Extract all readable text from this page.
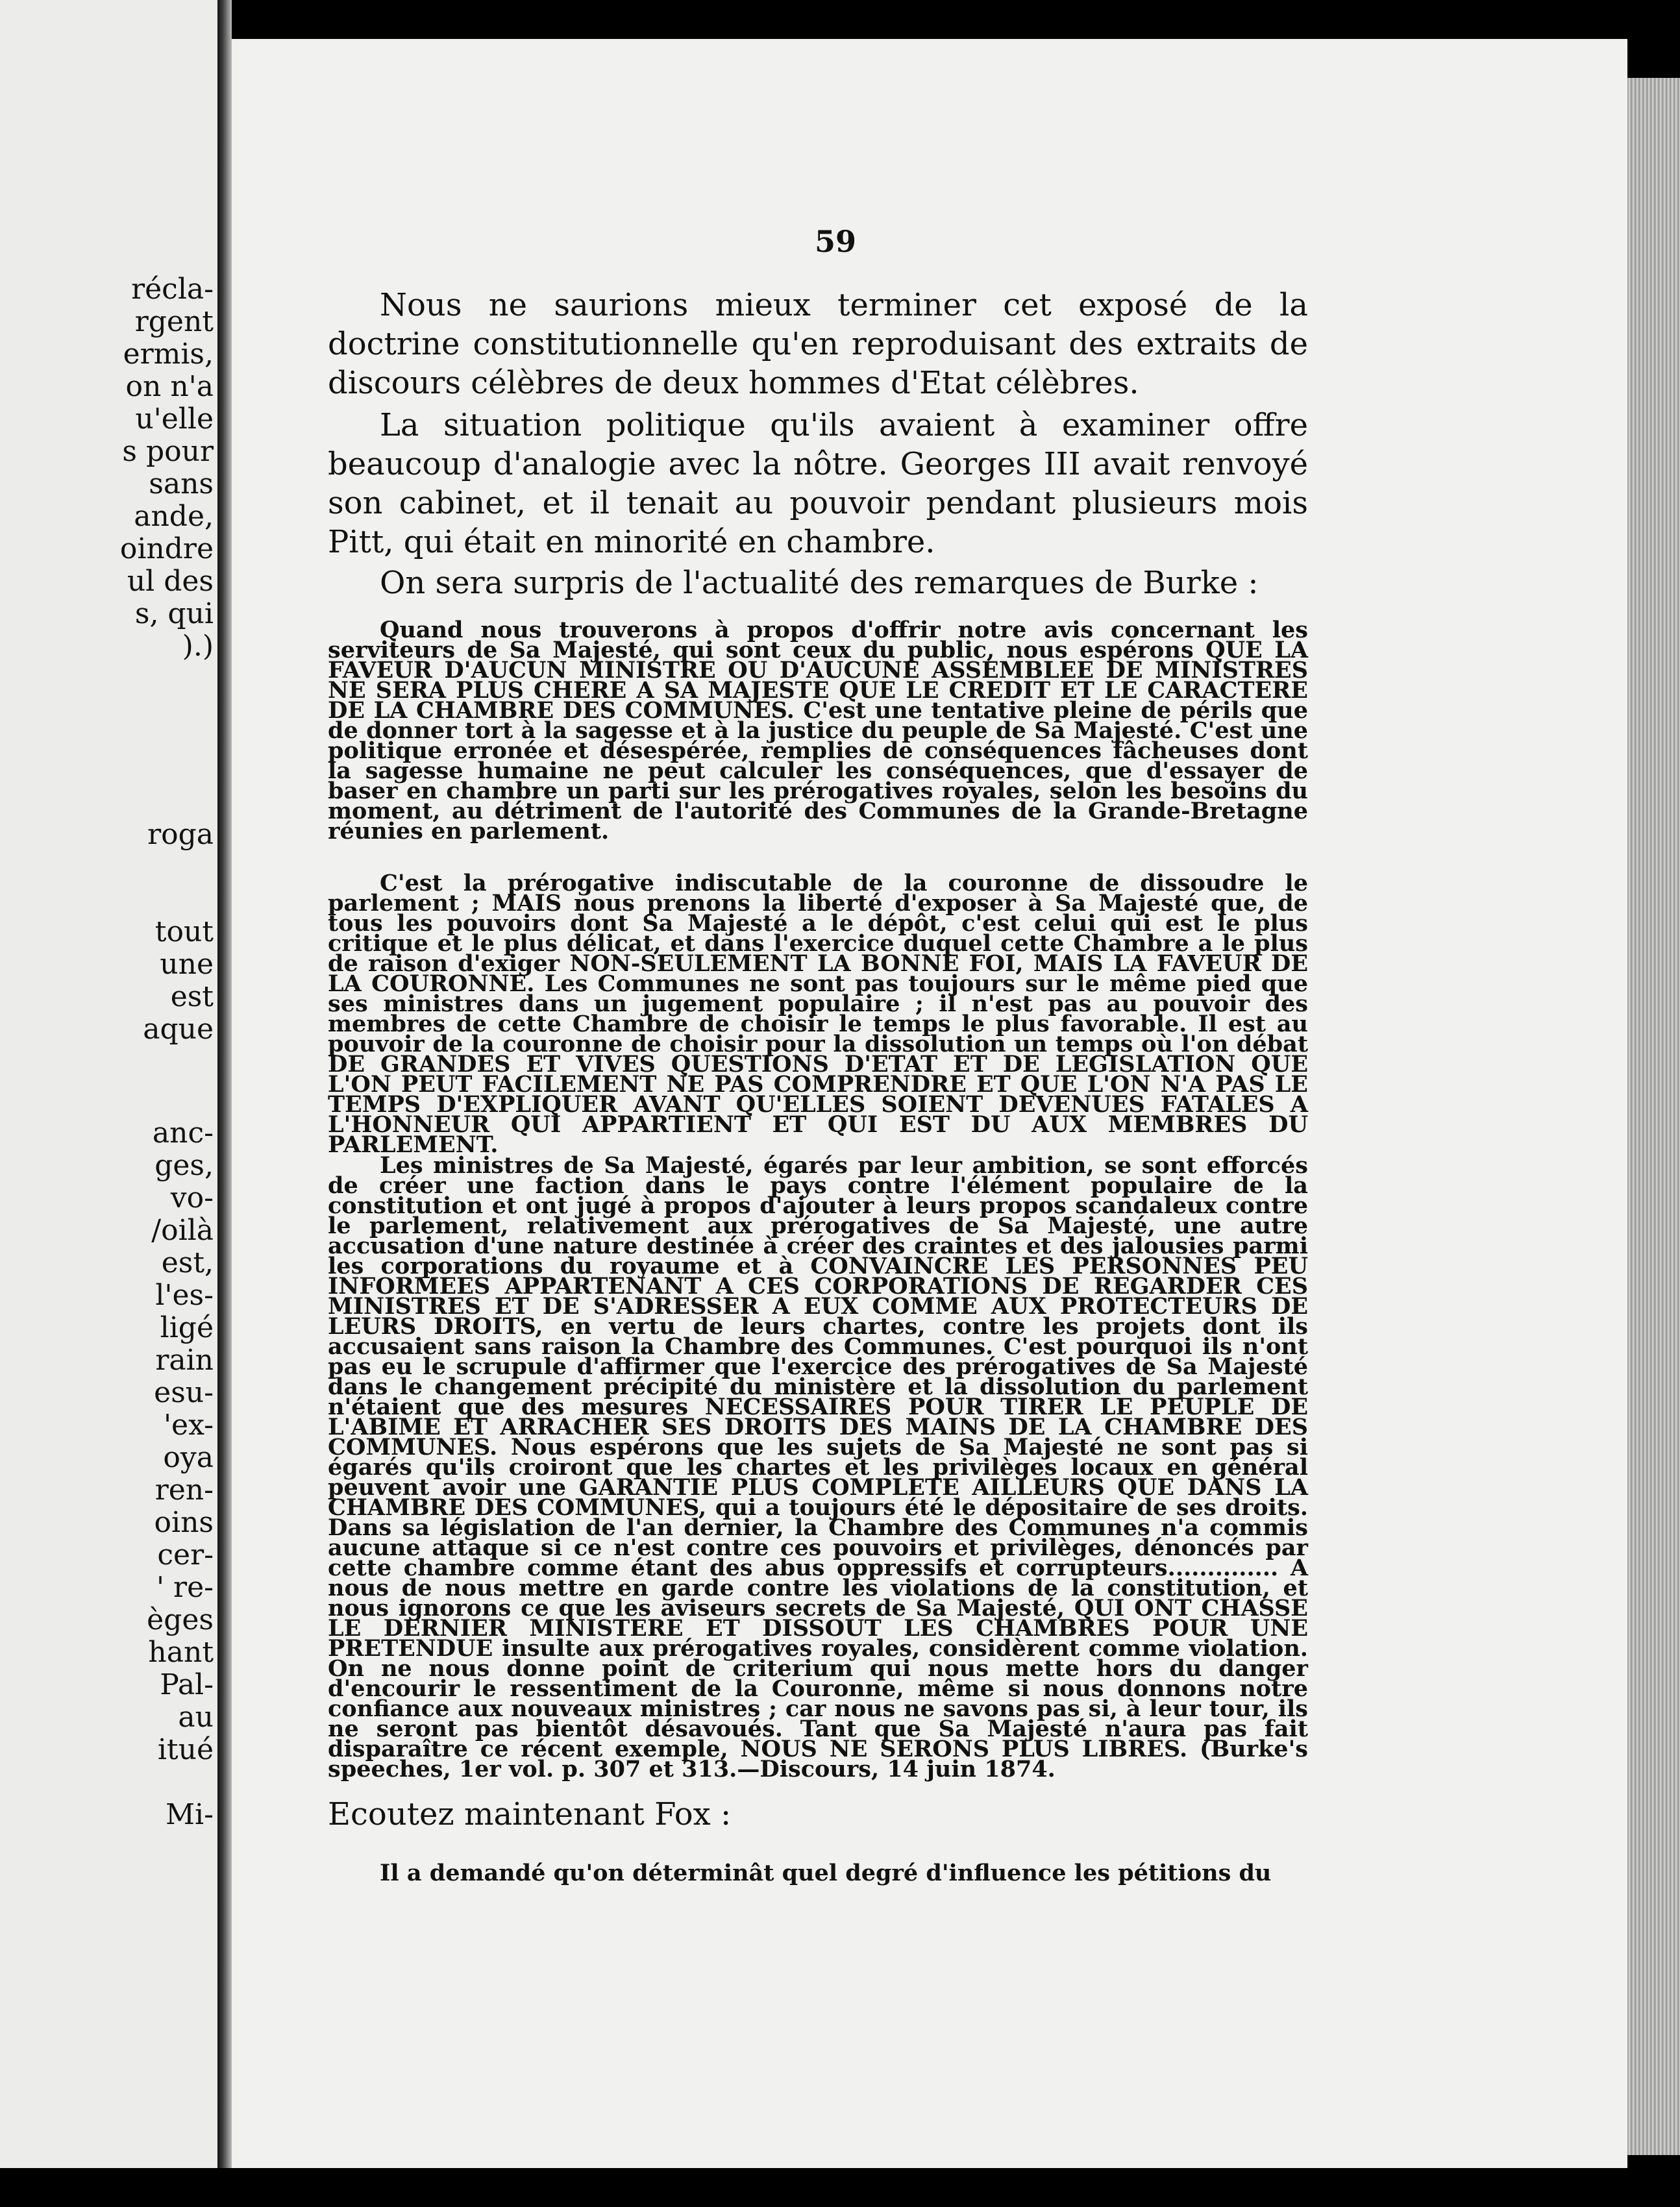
récla-
rgent
ermis,
on n'a
u'elle
s pour
sans
ande,
oindre
ul des
s, qui
).)
roga
tout
une
est
aque
anc-
ges,
vo-
/oilà
est,
l'es-
ligé
rain
esu-
'ex-
oya
ren-
oins
cer-
' re-
èges
hant
Pal-
au
itué
Mi-
59

Nous ne saurions mieux terminer cet exposé de la doctrine constitutionnelle qu'en reproduisant des extraits de discours célèbres de deux hommes d'Etat célèbres.

La situation politique qu'ils avaient à examiner offre beaucoup d'analogie avec la nôtre. Georges III avait renvoyé son cabinet, et il tenait au pouvoir pendant plusieurs mois Pitt, qui était en minorité en chambre.

On sera surpris de l'actualité des remarques de Burke :

Quand nous trouverons à propos d'offrir notre avis concernant les serviteurs de Sa Majesté, qui sont ceux du public, nous espérons QUE LA FAVEUR D'AUCUN MINISTRE OU D'AUCUNE ASSEMBLEE DE MINISTRES NE SERA PLUS CHERE A SA MAJESTE QUE LE CREDIT ET LE CARACTERE DE LA CHAMBRE DES COMMUNES. C'est une tentative pleine de périls que de donner tort à la sagesse et à la justice du peuple de Sa Majesté. C'est une politique erronée et désespérée, remplies de conséquences fâcheuses dont la sagesse humaine ne peut calculer les conséquences, que d'essayer de baser en chambre un parti sur les prérogatives royales, selon les besoins du moment, au détriment de l'autorité des Communes de la Grande-Bretagne réunies en parlement.

C'est la prérogative indiscutable de la couronne de dissoudre le parlement ; MAIS nous prenons la liberté d'exposer à Sa Majesté que, de tous les pouvoirs dont Sa Majesté a le dépôt, c'est celui qui est le plus critique et le plus délicat, et dans l'exercice duquel cette Chambre a le plus de raison d'exiger NON-SEULEMENT LA BONNE FOI, MAIS LA FAVEUR DE LA COURONNE. Les Communes ne sont pas toujours sur le même pied que ses ministres dans un jugement populaire ; il n'est pas au pouvoir des membres de cette Chambre de choisir le temps le plus favorable. Il est au pouvoir de la couronne de choisir pour la dissolution un temps où l'on débat DE GRANDES ET VIVES QUESTIONS D'ETAT ET DE LEGISLATION QUE L'ON PEUT FACILEMENT NE PAS COMPRENDRE ET QUE L'ON N'A PAS LE TEMPS D'EXPLIQUER AVANT QU'ELLES SOIENT DEVENUES FATALES A L'HONNEUR QUI APPARTIENT ET QUI EST DU AUX MEMBRES DU PARLEMENT.

Les ministres de Sa Majesté, égarés par leur ambition, se sont efforcés de créer une faction dans le pays contre l'élément populaire de la constitution et ont jugé à propos d'ajouter à leurs propos scandaleux contre le parlement, relativement aux prérogatives de Sa Majesté, une autre accusation d'une nature destinée à créer des craintes et des jalousies parmi les corporations du royaume et à CONVAINCRE LES PERSONNES PEU INFORMEES APPARTENANT A CES CORPORATIONS DE REGARDER CES MINISTRES ET DE S'ADRESSER A EUX COMME AUX PROTECTEURS DE LEURS DROITS, en vertu de leurs chartes, contre les projets dont ils accusaient sans raison la Chambre des Communes. C'est pourquoi ils n'ont pas eu le scrupule d'affirmer que l'exercice des prérogatives de Sa Majesté dans le changement précipité du ministère et la dissolution du parlement n'étaient que des mesures NECESSAIRES POUR TIRER LE PEUPLE DE L'ABIME ET ARRACHER SES DROITS DES MAINS DE LA CHAMBRE DES COMMUNES. Nous espérons que les sujets de Sa Majesté ne sont pas si égarés qu'ils croiront que les chartes et les privilèges locaux en général peuvent avoir une GARANTIE PLUS COMPLETE AILLEURS QUE DANS LA CHAMBRE DES COMMUNES, qui a toujours été le dépositaire de ses droits. Dans sa législation de l'an dernier, la Chambre des Communes n'a commis aucune attaque si ce n'est contre ces pouvoirs et privilèges, dénoncés par cette chambre comme étant des abus oppressifs et corrupteurs.............. A nous de nous mettre en garde contre les violations de la constitution, et nous ignorons ce que les aviseurs secrets de Sa Majesté, QUI ONT CHASSE LE DERNIER MINISTERE ET DISSOUT LES CHAMBRES POUR UNE PRETENDUE insulte aux prérogatives royales, considèrent comme violation. On ne nous donne point de criterium qui nous mette hors du danger d'encourir le ressentiment de la Couronne, même si nous donnons notre confiance aux nouveaux ministres ; car nous ne savons pas si, à leur tour, ils ne seront pas bientôt désavoués. Tant que Sa Majesté n'aura pas fait disparaître ce récent exemple, NOUS NE SERONS PLUS LIBRES. (Burke's speeches, 1er vol. p. 307 et 313.—Discours, 14 juin 1874.

Ecoutez maintenant Fox :

Il a demandé qu'on déterminât quel degré d'influence les pétitions du
